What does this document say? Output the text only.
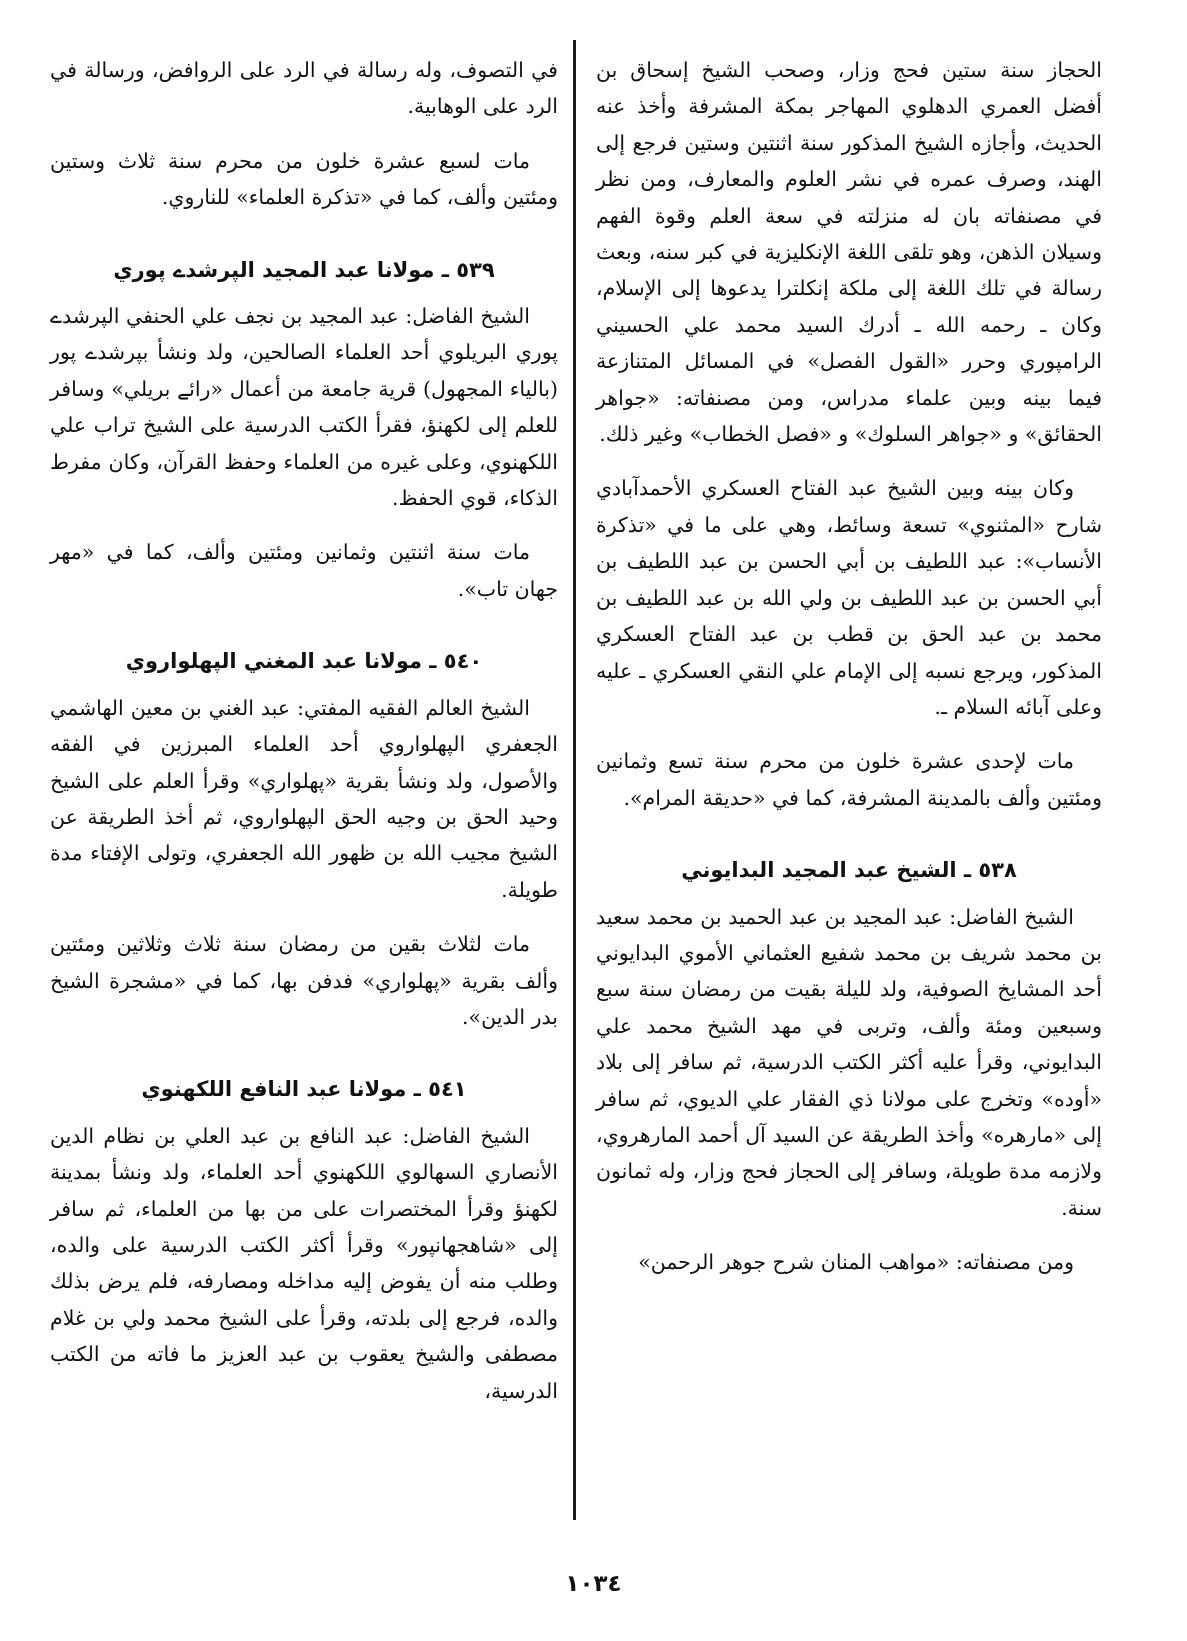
الحجاز سنة ستين فحج وزار، وصحب الشيخ إسحاق بن أفضل العمري الدهلوي المهاجر بمكة المشرفة وأخذ عنه الحديث، وأجازه الشيخ المذكور سنة اثنتين وستين فرجع إلى الهند، وصرف عمره في نشر العلوم والمعارف، ومن نظر في مصنفاته بان له منزلته في سعة العلم وقوة الفهم وسيلان الذهن، وهو تلقى اللغة الإنكليزية في كبر سنه، وبعث رسالة في تلك اللغة إلى ملكة إنكلترا يدعوها إلى الإسلام، وكان ـ رحمه الله ـ أدرك السيد محمد علي الحسيني الرامپوري وحرر «القول الفصل» في المسائل المتنازعة فيما بينه وبين علماء مدراس، ومن مصنفاته: «جواهر الحقائق» و «جواهر السلوك» و «فصل الخطاب» وغير ذلك.

وكان بينه وبين الشيخ عبد الفتاح العسكري الأحمدآبادي شارح «المثنوي» تسعة وسائط، وهي على ما في «تذكرة الأنساب»: عبد اللطيف بن أبي الحسن بن عبد اللطيف بن أبي الحسن بن عبد اللطيف بن ولي الله بن عبد اللطيف بن محمد بن عبد الحق بن قطب بن عبد الفتاح العسكري المذكور، ويرجع نسبه إلى الإمام علي النقي العسكري ـ عليه وعلى آبائه السلام ـ.

مات لإحدى عشرة خلون من محرم سنة تسع وثمانين ومئتين وألف بالمدينة المشرفة، كما في «حديقة المرام».

٥٣٨ ـ الشيخ عبد المجيد البدايوني

الشيخ الفاضل: عبد المجيد بن عبد الحميد بن محمد سعيد بن محمد شريف بن محمد شفيع العثماني الأموي البدايوني أحد المشايخ الصوفية، ولد لليلة بقيت من رمضان سنة سبع وسبعين ومئة وألف، وتربى في مهد الشيخ محمد علي البدايوني، وقرأ عليه أكثر الكتب الدرسية، ثم سافر إلى بلاد «أوده» وتخرج على مولانا ذي الفقار علي الديوي، ثم سافر إلى «مارهره» وأخذ الطريقة عن السيد آل أحمد المارهروي، ولازمه مدة طويلة، وسافر إلى الحجاز فحج وزار، وله ثمانون سنة.

ومن مصنفاته: «مواهب المنان شرح جوهر الرحمن»

في التصوف، وله رسالة في الرد على الروافض، ورسالة في الرد على الوهابية.

مات لسبع عشرة خلون من محرم سنة ثلاث وستين ومئتين وألف، كما في «تذكرة العلماء» للناروي.

٥٣٩ ـ مولانا عبد المجيد الپرشدے پوري

الشيخ الفاضل: عبد المجيد بن نجف علي الحنفي الپرشدے پوري البريلوي أحد العلماء الصالحين، ولد ونشأ بپرشدے پور (بالياء المجهول) قرية جامعة من أعمال «رائے بريلي» وسافر للعلم إلى لكهنؤ، فقرأ الكتب الدرسية على الشيخ تراب علي اللكهنوي، وعلى غيره من العلماء وحفظ القرآن، وكان مفرط الذكاء، قوي الحفظ.

مات سنة اثنتين وثمانين ومئتين وألف، كما في «مهر جهان تاب».

٥٤٠ ـ مولانا عبد المغني الپهلواروي

الشيخ العالم الفقيه المفتي: عبد الغني بن معين الهاشمي الجعفري الپهلواروي أحد العلماء المبرزين في الفقه والأصول، ولد ونشأ بقرية «پهلواري» وقرأ العلم على الشيخ وحيد الحق بن وجيه الحق الپهلواروي، ثم أخذ الطريقة عن الشيخ مجيب الله بن ظهور الله الجعفري، وتولى الإفتاء مدة طويلة.

مات لثلاث بقين من رمضان سنة ثلاث وثلاثين ومئتين وألف بقرية «پهلواري» فدفن بها، كما في «مشجرة الشيخ بدر الدين».

٥٤١ ـ مولانا عبد النافع اللكهنوي

الشيخ الفاضل: عبد النافع بن عبد العلي بن نظام الدين الأنصاري السهالوي اللكهنوي أحد العلماء، ولد ونشأ بمدينة لكهنؤ وقرأ المختصرات على من بها من العلماء، ثم سافر إلى «شاهجهانپور» وقرأ أكثر الكتب الدرسية على والده، وطلب منه أن يفوض إليه مداخله ومصارفه، فلم يرض بذلك والده، فرجع إلى بلدته، وقرأ على الشيخ محمد ولي بن غلام مصطفى والشيخ يعقوب بن عبد العزيز ما فاته من الكتب الدرسية،

١٠٣٤
